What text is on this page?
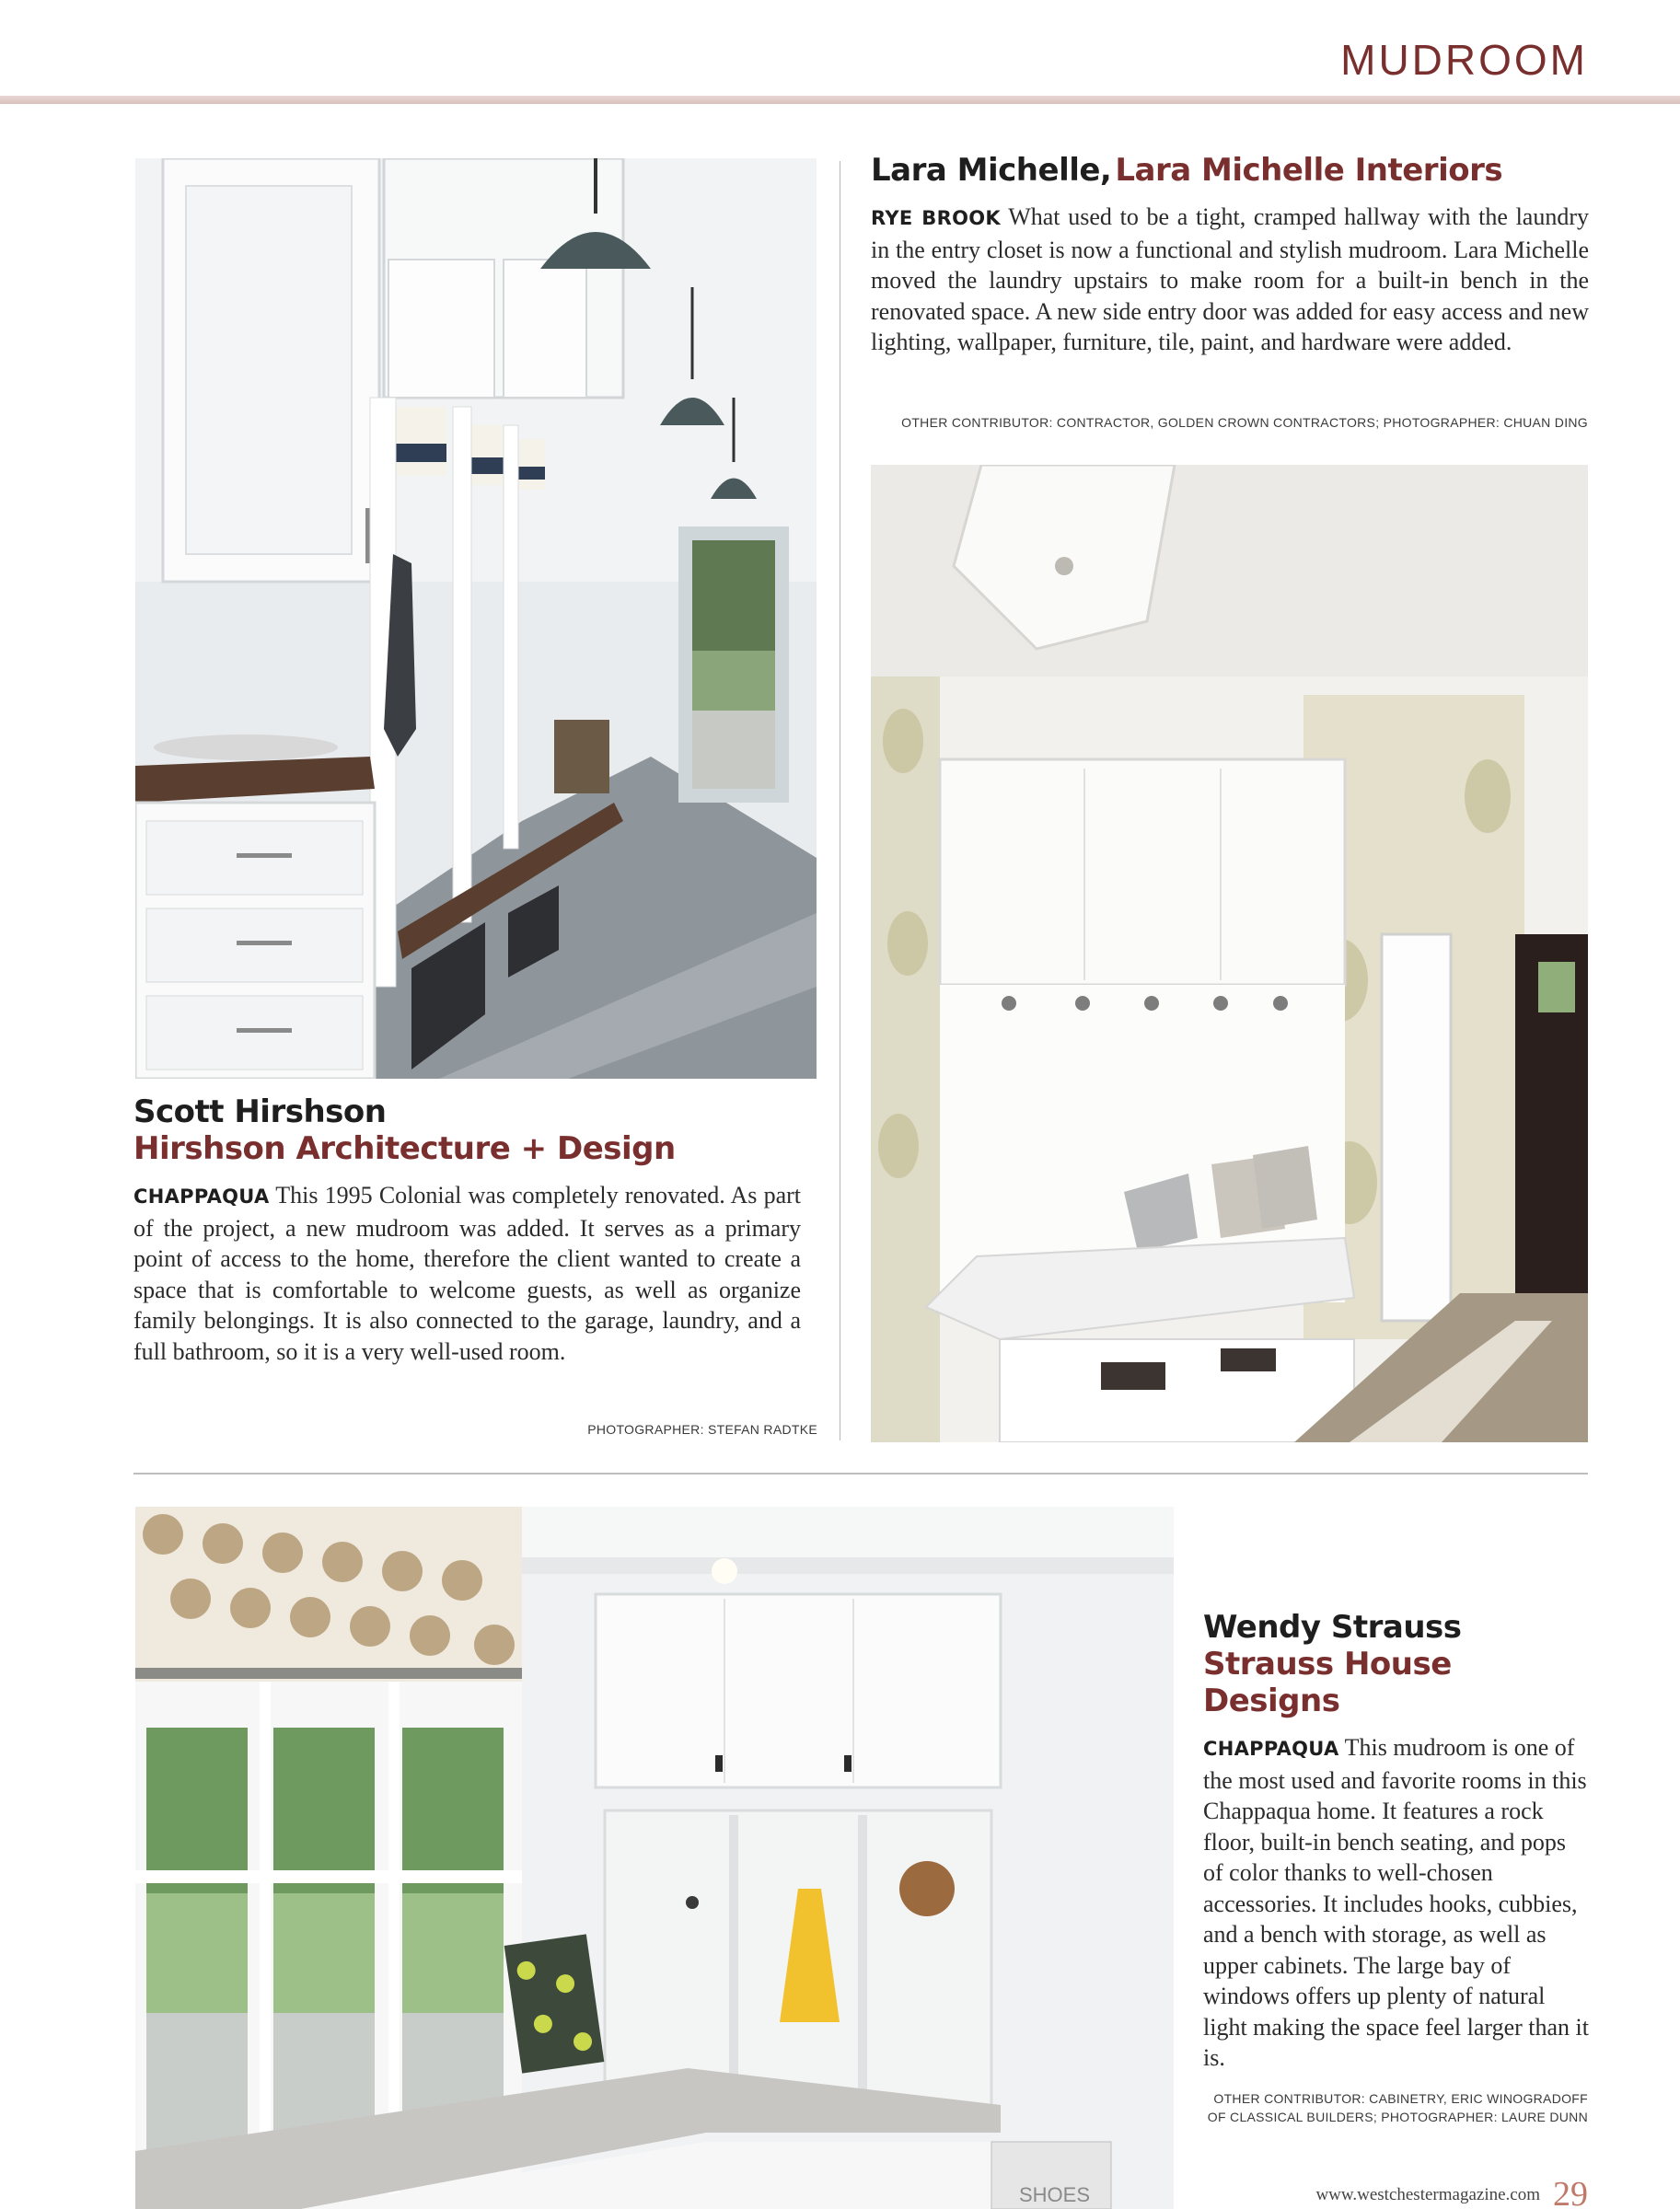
MUDROOM
Lara Michelle, Lara Michelle Interiors

RYE BROOK What used to be a tight, cramped hallway with the laundry in the entry closet is now a functional and stylish mudroom. Lara Michelle moved the laundry upstairs to make room for a built-in bench in the renovated space. A new side entry door was added for easy access and new lighting, wallpaper, furniture, tile, paint, and hardware were added.

OTHER CONTRIBUTOR: CONTRACTOR, GOLDEN CROWN CONTRACTORS; PHOTOGRAPHER: CHUAN DING
Scott Hirshson
Hirshson Architecture + Design

CHAPPAQUA This 1995 Colonial was completely renovated. As part of the project, a new mudroom was added. It serves as a primary point of access to the home, therefore the client wanted to create a space that is comfortable to welcome guests, as well as organize family belongings. It is also connected to the garage, laundry, and a full bathroom, so it is a very well-used room.

PHOTOGRAPHER: STEFAN RADTKE
SHOES
Wendy Strauss
Strauss House Designs

CHAPPAQUA This mudroom is one of the most used and favorite rooms in this Chappaqua home. It features a rock floor, built-in bench seating, and pops of color thanks to well-chosen accessories. It includes hooks, cubbies, and a bench with storage, as well as upper cabinets. The large bay of windows offers up plenty of natural light making the space feel larger than it is.

OTHER CONTRIBUTOR: CABINETRY, ERIC WINOGRADOFF
OF CLASSICAL BUILDERS; PHOTOGRAPHER: LAURE DUNN
www.westchestermagazine.com 29
